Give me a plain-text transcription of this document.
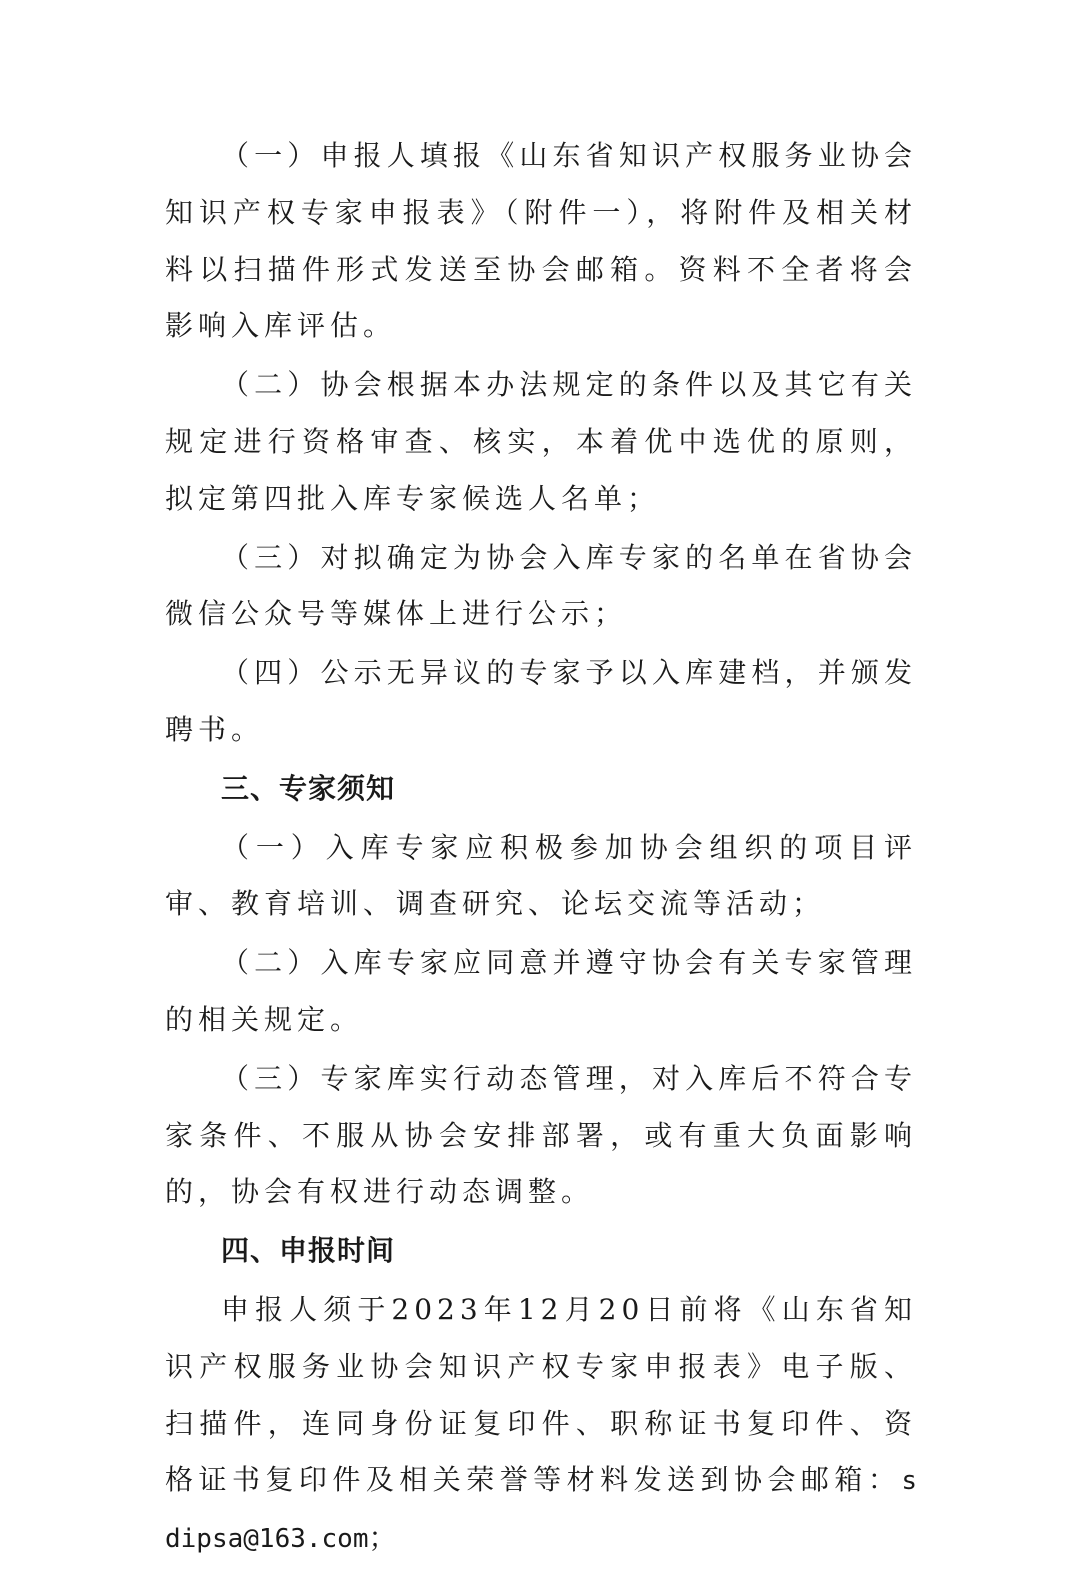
（一）申报人填报《山东省知识产权服务业协会知识产权专家申报表》（附件一），将附件及相关材料以扫描件形式发送至协会邮箱。资料不全者将会影响入库评估。

（二）协会根据本办法规定的条件以及其它有关规定进行资格审查、核实，本着优中选优的原则，拟定第四批入库专家候选人名单；

（三）对拟确定为协会入库专家的名单在省协会微信公众号等媒体上进行公示；

（四）公示无异议的专家予以入库建档，并颁发聘书。

三、专家须知

（一）入库专家应积极参加协会组织的项目评审、教育培训、调查研究、论坛交流等活动；

（二）入库专家应同意并遵守协会有关专家管理的相关规定。

（三）专家库实行动态管理，对入库后不符合专家条件、不服从协会安排部署，或有重大负面影响的，协会有权进行动态调整。

四、申报时间

申报人须于2023年12月20日前将《山东省知识产权服务业协会知识产权专家申报表》电子版、扫描件，连同身份证复印件、职称证书复印件、资格证书复印件及相关荣誉等材料发送到协会邮箱：sdipsa@163.com；
